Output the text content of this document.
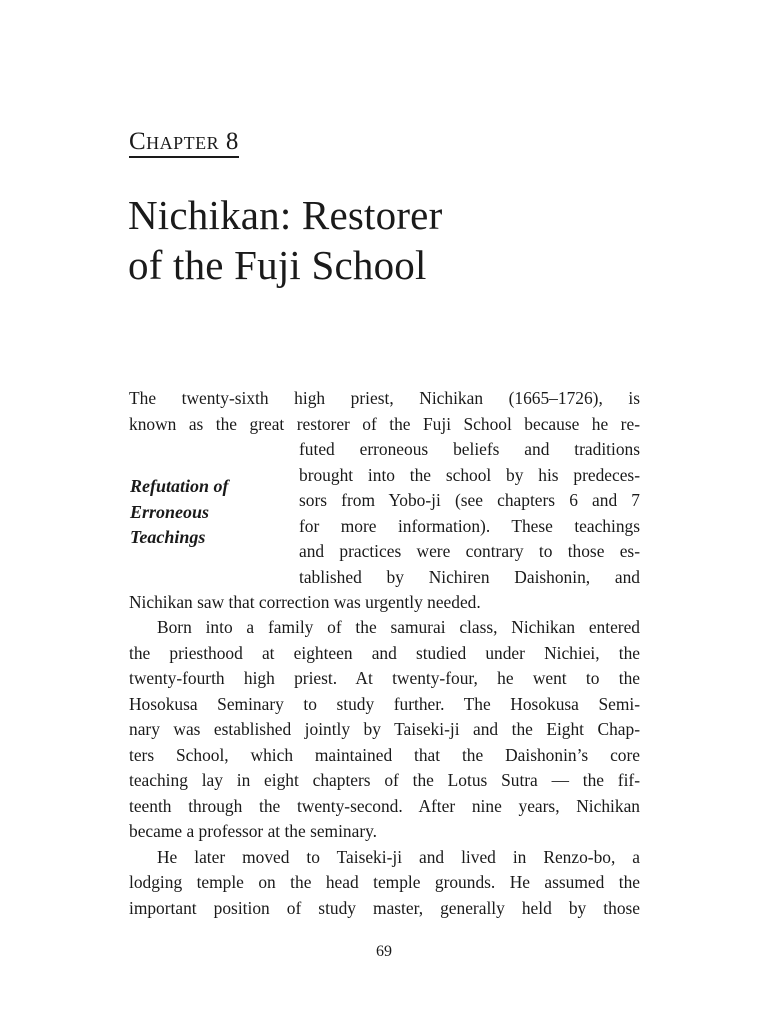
Chapter 8
Nichikan: Restorer
of the Fuji School
Refutation of
Erroneous
Teachings

The twenty-sixth high priest, Nichikan (1665–1726), is
known as the great restorer of the Fuji School because he re-
futed erroneous beliefs and traditions
brought into the school by his predeces-
sors from Yobo-ji (see chapters 6 and 7
for more information). These teachings
and practices were contrary to those es-
tablished by Nichiren Daishonin, and
Nichikan saw that correction was urgently needed.

Born into a family of the samurai class, Nichikan entered
the priesthood at eighteen and studied under Nichiei, the
twenty-fourth high priest. At twenty-four, he went to the
Hosokusa Seminary to study further. The Hosokusa Semi-
nary was established jointly by Taiseki-ji and the Eight Chap-
ters School, which maintained that the Daishonin’s core
teaching lay in eight chapters of the Lotus Sutra — the fif-
teenth through the twenty-second. After nine years, Nichikan
became a professor at the seminary.

He later moved to Taiseki-ji and lived in Renzo-bo, a
lodging temple on the head temple grounds. He assumed the
important position of study master, generally held by those

69
